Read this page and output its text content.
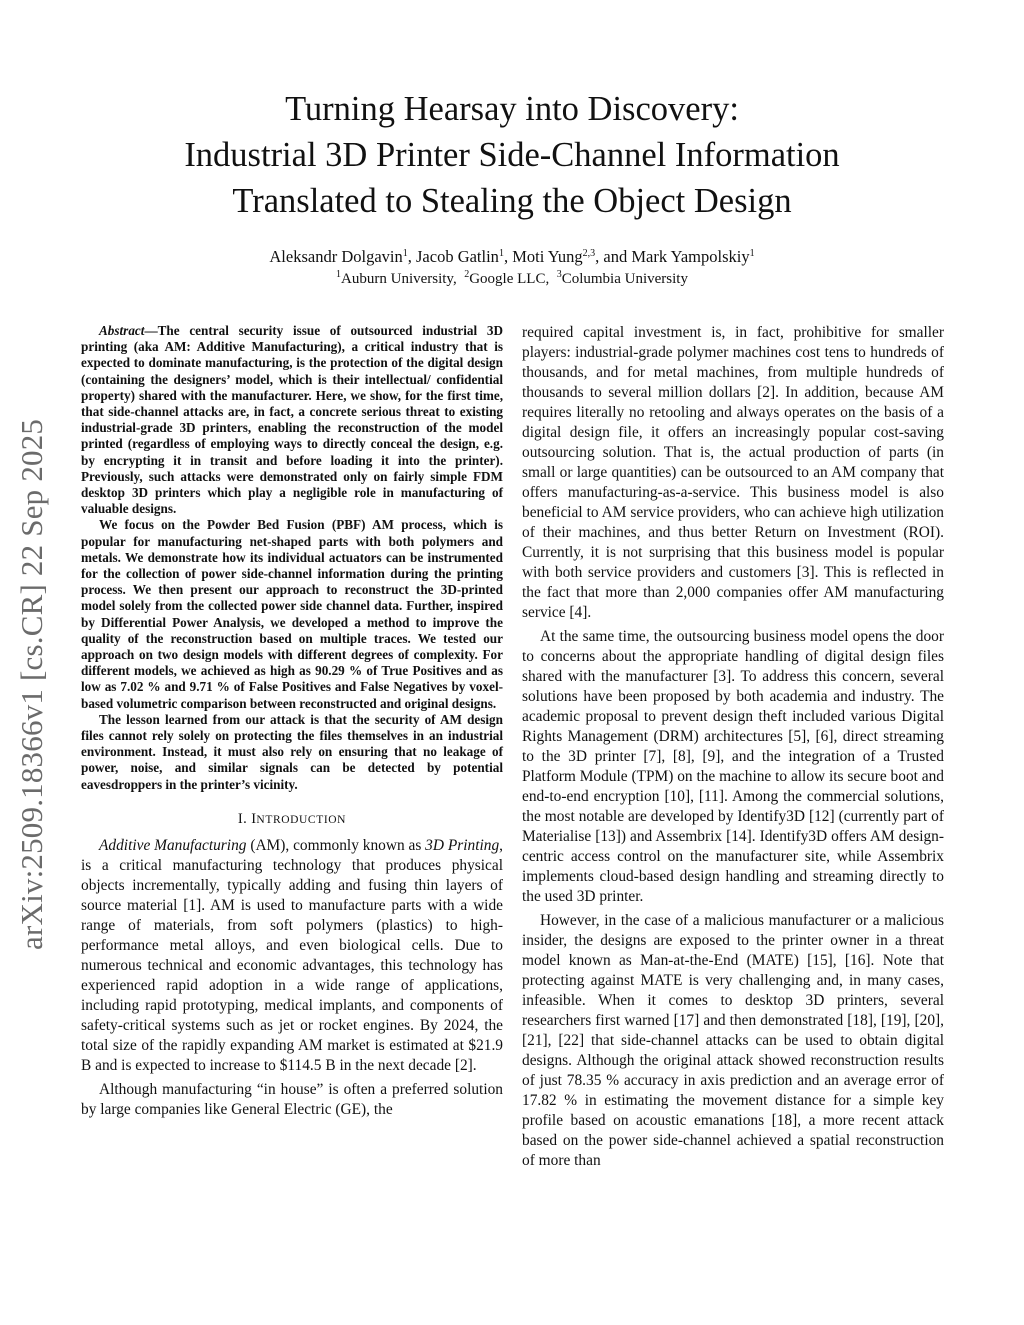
arXiv:2509.18366v1 [cs.CR] 22 Sep 2025
Turning Hearsay into Discovery:
Industrial 3D Printer Side-Channel Information
Translated to Stealing the Object Design
Aleksandr Dolgavin$^1$, Jacob Gatlin$^1$, Moti Yung$^{2,3}$, and Mark Yampolskiy$^1$
$^1$Auburn University,  $^2$Google LLC,  $^3$Columbia University

Abstract—The central security issue of outsourced industrial 3D printing (aka AM: Additive Manufacturing), a critical industry that is expected to dominate manufacturing, is the protection of the digital design (containing the designers’ model, which is their intellectual/ confidential property) shared with the manufacturer. Here, we show, for the first time, that side-channel attacks are, in fact, a concrete serious threat to existing industrial-grade 3D printers, enabling the reconstruction of the model printed (regardless of employing ways to directly conceal the design, e.g. by encrypting it in transit and before loading it into the printer). Previously, such attacks were demonstrated only on fairly simple FDM desktop 3D printers which play a negligible role in manufacturing of valuable designs.

We focus on the Powder Bed Fusion (PBF) AM process, which is popular for manufacturing net-shaped parts with both polymers and metals. We demonstrate how its individual actuators can be instrumented for the collection of power side-channel information during the printing process. We then present our approach to reconstruct the 3D-printed model solely from the collected power side channel data. Further, inspired by Differential Power Analysis, we developed a method to improve the quality of the reconstruction based on multiple traces. We tested our approach on two design models with different degrees of complexity. For different models, we achieved as high as 90.29 % of True Positives and as low as 7.02 % and 9.71 % of False Positives and False Negatives by voxel-based volumetric comparison between reconstructed and original designs.

The lesson learned from our attack is that the security of AM design files cannot rely solely on protecting the files themselves in an industrial environment. Instead, it must also rely on ensuring that no leakage of power, noise, and similar signals can be detected by potential eavesdroppers in the printer’s vicinity.

I. INTRODUCTION

Additive Manufacturing (AM), commonly known as 3D Printing, is a critical manufacturing technology that produces physical objects incrementally, typically adding and fusing thin layers of source material [1]. AM is used to manufacture parts with a wide range of materials, from soft polymers (plastics) to high-performance metal alloys, and even biological cells. Due to numerous technical and economic advantages, this technology has experienced rapid adoption in a wide range of applications, including rapid prototyping, medical implants, and components of safety-critical systems such as jet or rocket engines. By 2024, the total size of the rapidly expanding AM market is estimated at $21.9 B and is expected to increase to $114.5 B in the next decade [2].

Although manufacturing “in house” is often a preferred solution by large companies like General Electric (GE), the

required capital investment is, in fact, prohibitive for smaller players: industrial-grade polymer machines cost tens to hundreds of thousands, and for metal machines, from multiple hundreds of thousands to several million dollars [2]. In addition, because AM requires literally no retooling and always operates on the basis of a digital design file, it offers an increasingly popular cost-saving outsourcing solution. That is, the actual production of parts (in small or large quantities) can be outsourced to an AM company that offers manufacturing-as-a-service. This business model is also beneficial to AM service providers, who can achieve high utilization of their machines, and thus better Return on Investment (ROI). Currently, it is not surprising that this business model is popular with both service providers and customers [3]. This is reflected in the fact that more than 2,000 companies offer AM manufacturing service [4].

At the same time, the outsourcing business model opens the door to concerns about the appropriate handling of digital design files shared with the manufacturer [3]. To address this concern, several solutions have been proposed by both academia and industry. The academic proposal to prevent design theft included various Digital Rights Management (DRM) architectures [5], [6], direct streaming to the 3D printer [7], [8], [9], and the integration of a Trusted Platform Module (TPM) on the machine to allow its secure boot and end-to-end encryption [10], [11]. Among the commercial solutions, the most notable are developed by Identify3D [12] (currently part of Materialise [13]) and Assembrix [14]. Identify3D offers AM design-centric access control on the manufacturer site, while Assembrix implements cloud-based design handling and streaming directly to the used 3D printer.

However, in the case of a malicious manufacturer or a malicious insider, the designs are exposed to the printer owner in a threat model known as Man-at-the-End (MATE) [15], [16]. Note that protecting against MATE is very challenging and, in many cases, infeasible. When it comes to desktop 3D printers, several researchers first warned [17] and then demonstrated [18], [19], [20], [21], [22] that side-channel attacks can be used to obtain digital designs. Although the original attack showed reconstruction results of just 78.35 % accuracy in axis prediction and an average error of 17.82 % in estimating the movement distance for a simple key profile based on acoustic emanations [18], a more recent attack based on the power side-channel achieved a spatial reconstruction of more than
